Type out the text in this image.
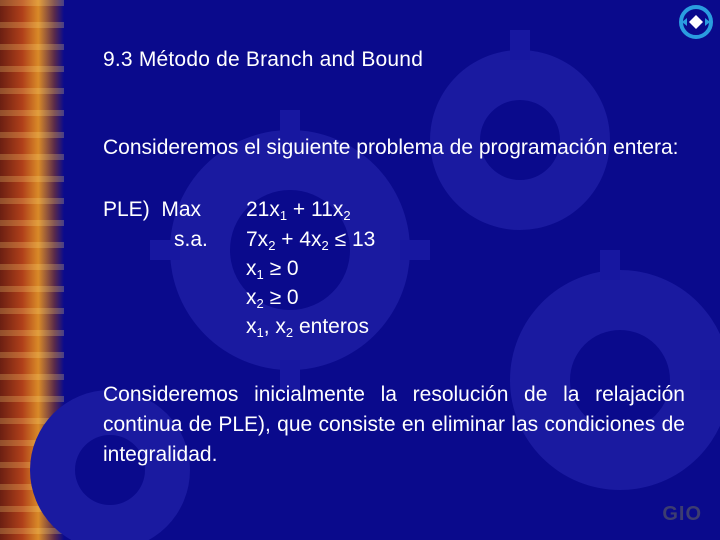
9.3 Método de Branch and Bound
Consideremos el siguiente problema de programación entera:
PLE) Max $21x_1 + 11x_2$
s.a. $7x_2 + 4x_2 \le 13$
$x_1 \ge 0$
$x_2 \ge 0$
$x_1$, $x_2$ enteros
Consideremos inicialmente la resolución de la relajación continua de PLE), que consiste en eliminar las condiciones de integralidad.
GIO
